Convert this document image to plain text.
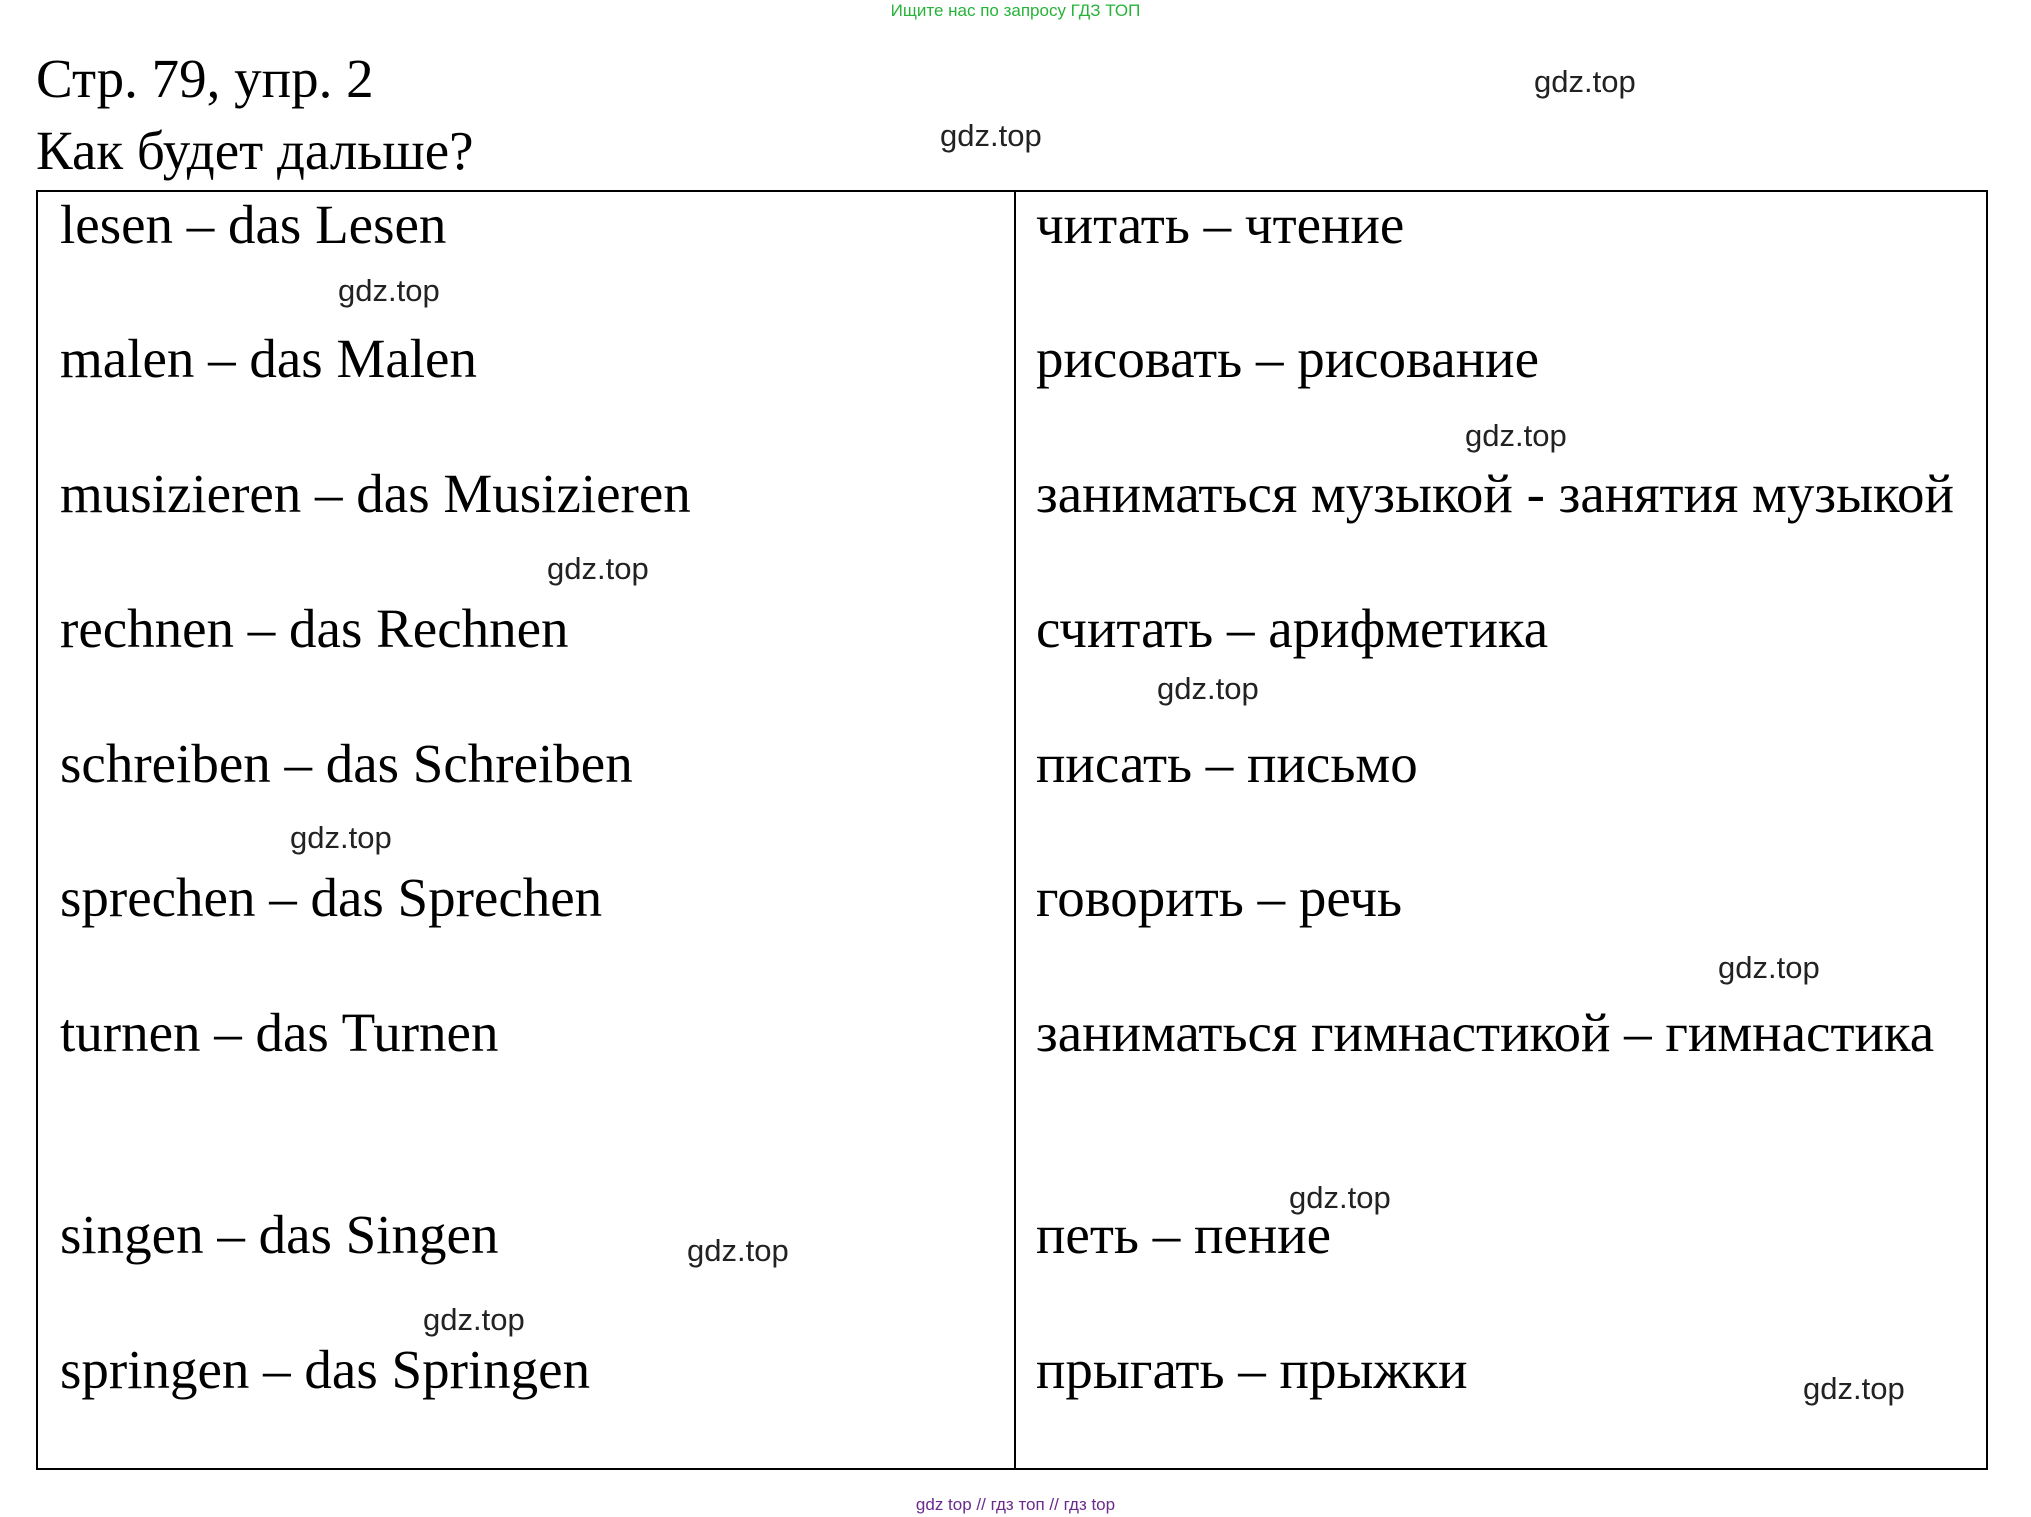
Ищите нас по запросу ГДЗ ТОП
Стр. 79, упр. 2
Как будет дальше?
lesen – das Lesen	читать – чтение
malen – das Malen	рисовать – рисование
musizieren – das Musizieren	заниматься музыкой - занятия музыкой
rechnen – das Rechnen	считать – арифметика
schreiben – das Schreiben	писать – письмо
sprechen – das Sprechen	говорить – речь
turnen – das Turnen	заниматься гимнастикой – гимнастика
singen – das Singen	петь – пение
springen – das Springen	прыгать – прыжки
gdz.top
gdz.top
gdz.top
gdz.top
gdz.top
gdz.top
gdz.top
gdz.top
gdz.top
gdz.top
gdz.top
gdz.top
gdz top // гдз топ // гдз top
